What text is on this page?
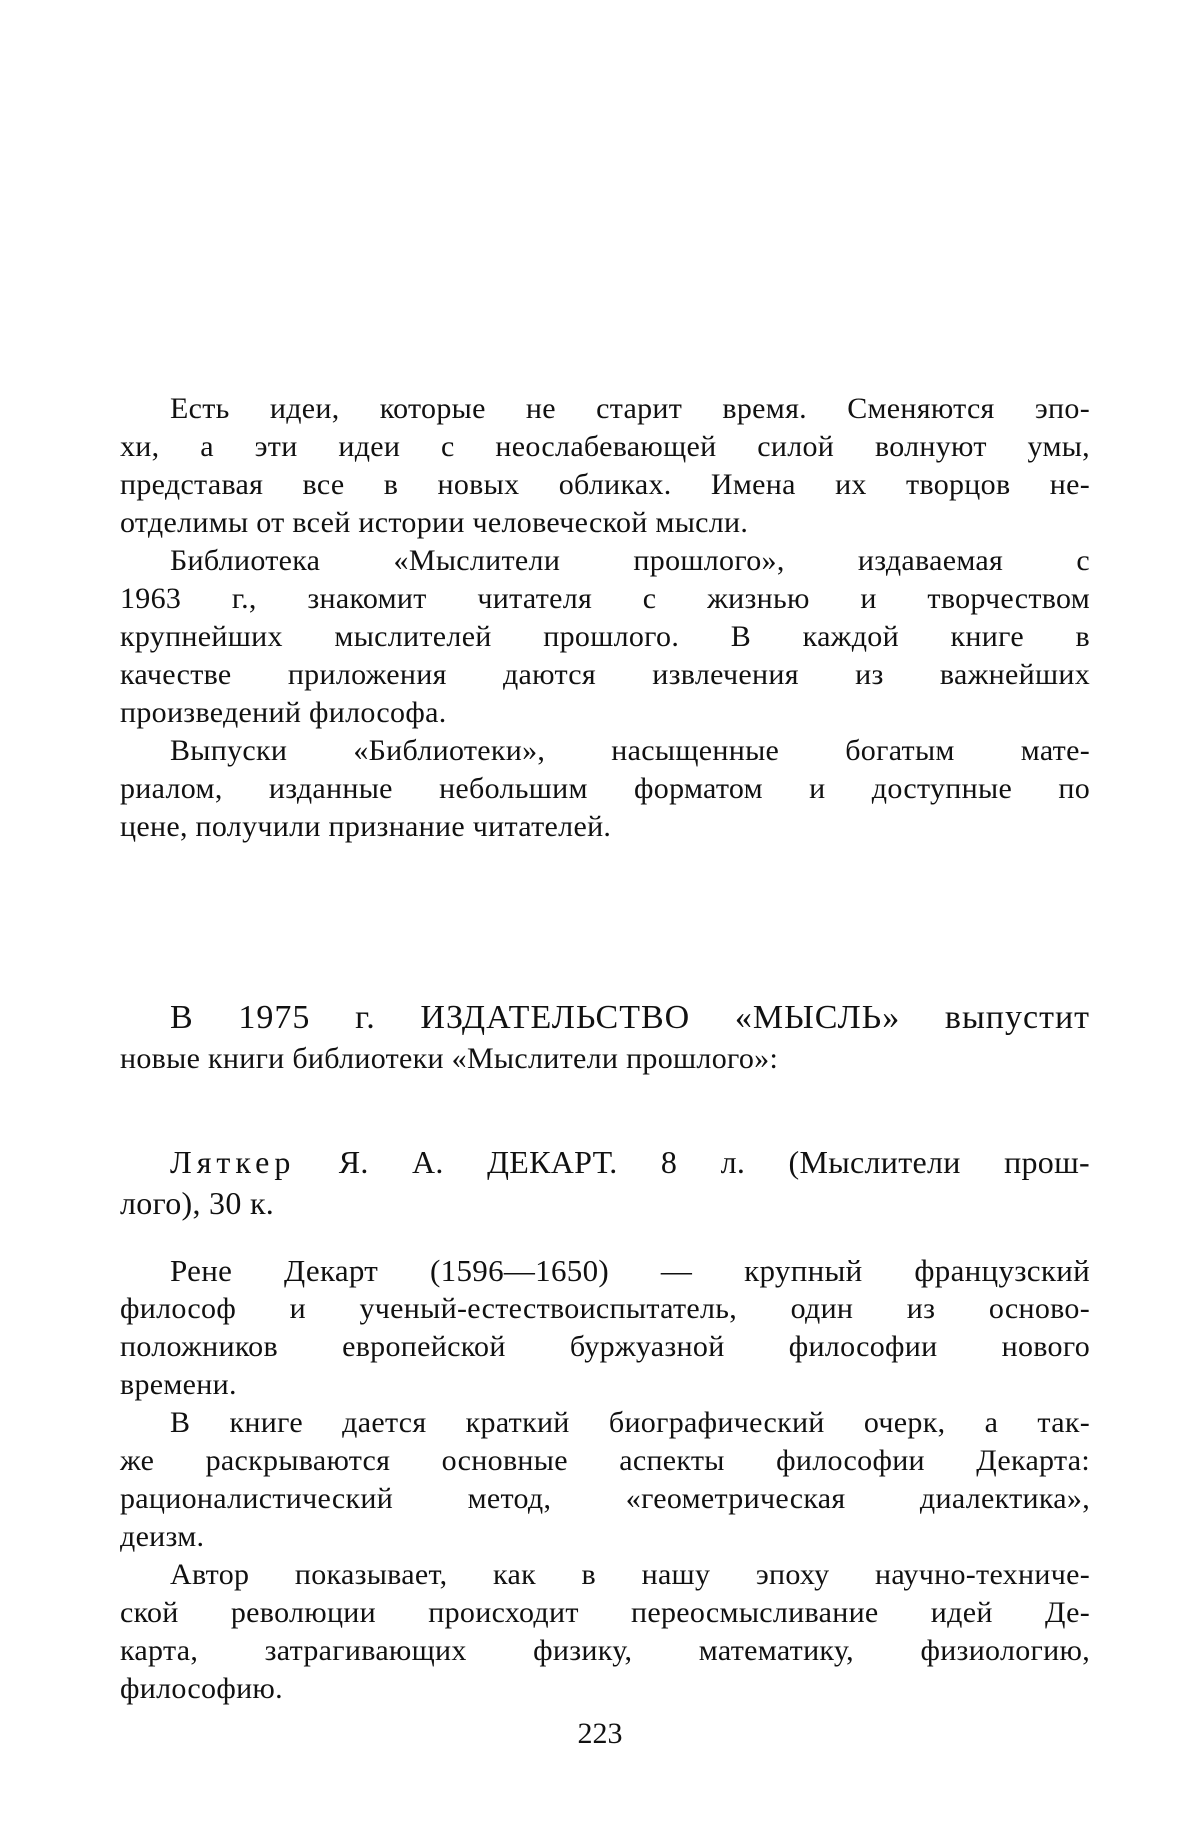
Есть идеи, которые не старит время. Сменяются эпо-
хи, а эти идеи с неослабевающей силой волнуют умы,
представая все в новых обликах. Имена их творцов не-
отделимы от всей истории человеческой мысли.
Библиотека «Мыслители прошлого», издаваемая с
1963 г., знакомит читателя с жизнью и творчеством
крупнейших мыслителей прошлого. В каждой книге в
качестве приложения даются извлечения из важнейших
произведений философа.
Выпуски «Библиотеки», насыщенные богатым мате-
риалом, изданные небольшим форматом и доступные по
цене, получили признание читателей.
В 1975 г. ИЗДАТЕЛЬСТВО «МЫСЛЬ» выпустит
новые книги библиотеки «Мыслители прошлого»:
Ляткер Я. А. ДЕКАРТ. 8 л. (Мыслители прош-
лого), 30 к.
Рене Декарт (1596—1650) — крупный французский
философ и ученый-естествоиспытатель, один из осново-
положников европейской буржуазной философии нового
времени.
В книге дается краткий биографический очерк, а так-
же раскрываются основные аспекты философии Декарта:
рационалистический метод, «геометрическая диалектика»,
деизм.
Автор показывает, как в нашу эпоху научно-техниче-
ской революции происходит переосмысливание идей Де-
карта, затрагивающих физику, математику, физиологию,
философию.
223
